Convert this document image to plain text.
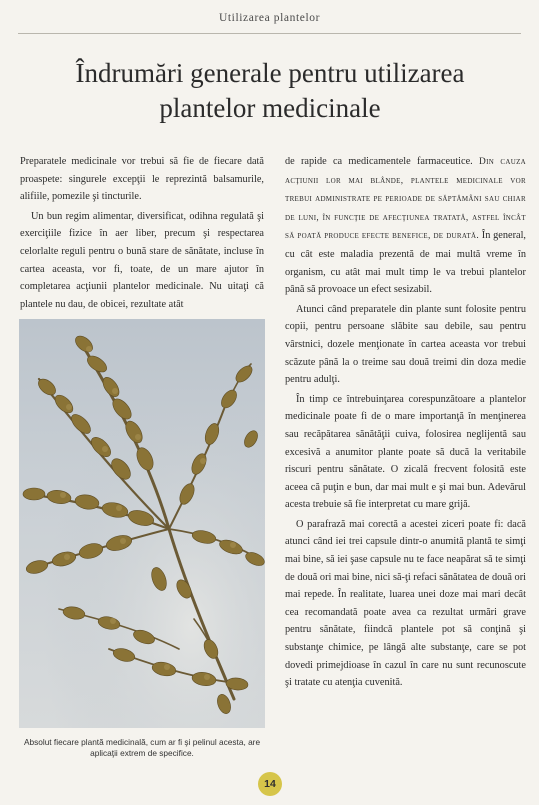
Utilizarea plantelor
Îndrumări generale pentru utilizarea
plantelor medicinale

Preparatele medicinale vor trebui să fie de fiecare dată proaspete: singurele excepţii le reprezintă balsamurile, alifiile, pomezile şi tincturile.

Un bun regim alimentar, diversificat, odihna regulată şi exerciţiile fizice în aer liber, precum şi respectarea celorlalte reguli pentru o bună stare de sănătate, incluse în cartea aceasta, vor fi, toate, de un mare ajutor în completarea acţiunii plantelor medicinale. Nu uitaţi că plantele nu dau, de obicei, rezultate atât

Absolut fiecare plantă medicinală, cum ar fi şi pelinul acesta, are aplicaţii extrem de specifice.

de rapide ca medicamentele farmaceutice. Din cauza acţiunii lor mai blânde, plantele medicinale vor trebui administrate pe perioade de săptămâni sau chiar de luni, în funcţie de afecţiunea tratată, astfel încât să poată produce efecte benefice, de durată. În general, cu cât este maladia prezentă de mai multă vreme în organism, cu atât mai mult timp le va trebui plantelor până să provoace un efect sesizabil.

Atunci când preparatele din plante sunt folosite pentru copii, pentru persoane slăbite sau debile, sau pentru vârstnici, dozele menţionate în cartea aceasta vor trebui scăzute până la o treime sau două treimi din doza medie pentru adulţi.

În timp ce întrebuinţarea corespunzătoare a plantelor medicinale poate fi de o mare importanţă în menţinerea sau recăpătarea sănătăţii cuiva, folosirea neglijentă sau excesivă a anumitor plante poate să ducă la veritabile riscuri pentru sănătate. O zicală frecvent folosită este aceea că puţin e bun, dar mai mult e şi mai bun. Adevărul acesta trebuie să fie interpretat cu mare grijă.

O parafrază mai corectă a acestei ziceri poate fi: dacă atunci când iei trei capsule dintr-o anumită plantă te simţi mai bine, să iei şase capsule nu te face neapărat să te simţi de două ori mai bine, nici să-ţi refaci sănătatea de două ori mai repede. În realitate, luarea unei doze mai mari decât cea recomandată poate avea ca rezultat urmări grave pentru sănătate, fiindcă plantele pot să conţină şi substanţe chimice, pe lângă alte substanţe, care se pot dovedi primejdioase în cazul în care nu sunt recunoscute şi tratate cu atenţia cuvenită.

14
